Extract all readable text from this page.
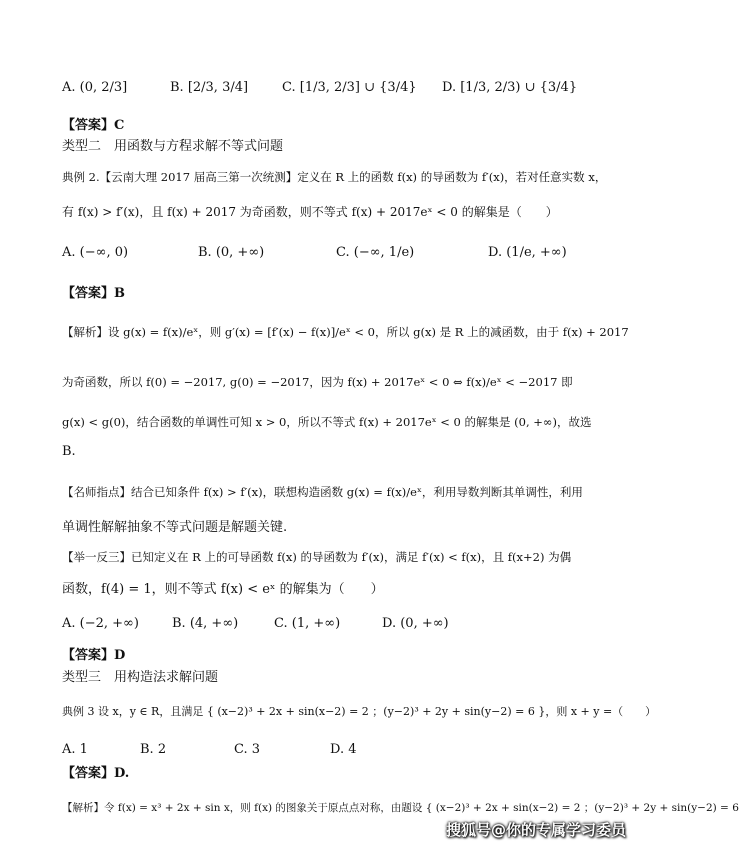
A. (0, 2/3]	B. [2/3, 3/4]	C. [1/3, 2/3] ∪ {3/4} D. [1/3, 2/3) ∪ {3/4}
【答案】C
类型二　用函数与方程求解不等式问题
典例 2.【云南大理 2017 届高三第一次统测】定义在 R 上的函数 f(x) 的导函数为 f′(x)，若对任意实数 x，
有 f(x) > f′(x)，且 f(x) + 2017 为奇函数，则不等式 f(x) + 2017eˣ < 0 的解集是（　　）
A. (−∞, 0)	B. (0, +∞)	C. (−∞, 1/e)	D. (1/e, +∞)
【答案】B
【解析】设 g(x) = f(x)/eˣ，则 g′(x) = [f′(x) − f(x)]/eˣ < 0，所以 g(x) 是 R 上的减函数，由于 f(x) + 2017
为奇函数，所以 f(0) = −2017, g(0) = −2017，因为 f(x) + 2017eˣ < 0 ⇔ f(x)/eˣ < −2017 即
g(x) < g(0)，结合函数的单调性可知 x > 0，所以不等式 f(x) + 2017eˣ < 0 的解集是 (0, +∞)，故选
B.
【名师指点】结合已知条件 f(x) > f′(x)，联想构造函数 g(x) = f(x)/eˣ，利用导数判断其单调性，利用
单调性解解抽象不等式问题是解题关键.
【举一反三】已知定义在 R 上的可导函数 f(x) 的导函数为 f′(x)，满足 f′(x) < f(x)，且 f(x+2) 为偶
函数，f(4) = 1，则不等式 f(x) < eˣ 的解集为（　　）
A. (−2, +∞)	B. (4, +∞)	C. (1, +∞)	D. (0, +∞)
【答案】D
类型三　用构造法求解问题
典例 3 设 x，y ∈ R，且满足 { (x−2)³ + 2x + sin(x−2) = 2 ；(y−2)³ + 2y + sin(y−2) = 6 }，则 x + y =（　　）
A. 1	B. 2	C. 3	D. 4
【答案】D.
【解析】令 f(x) = x³ + 2x + sin x，则 f(x) 的图象关于原点点对称，由题设 { (x−2)³ + 2x + sin(x−2) = 2 ；(y−2)³ + 2y + sin(y−2) = 6
搜狐号@你的专属学习委员
